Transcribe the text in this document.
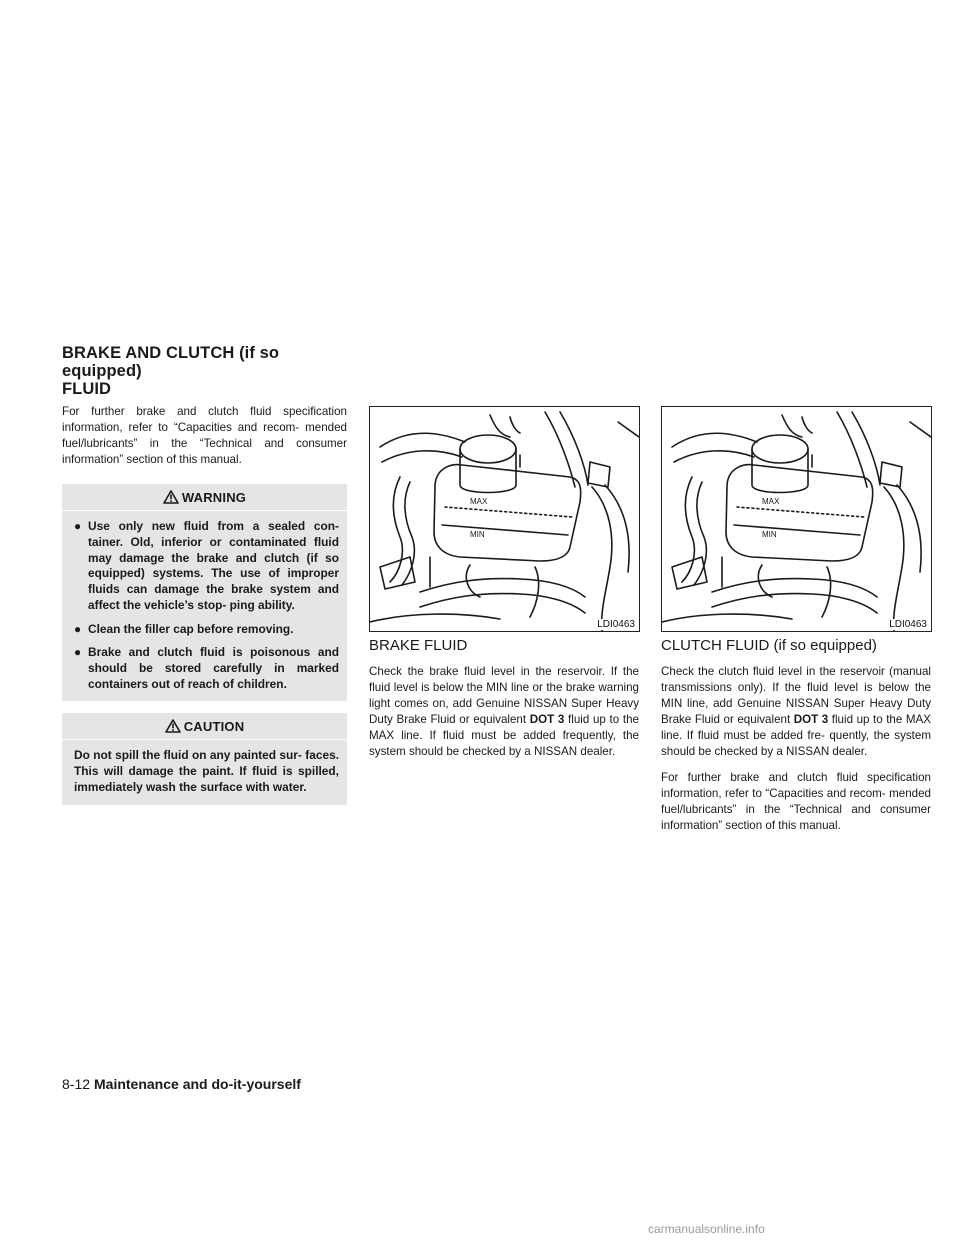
BRAKE AND CLUTCH (if so equipped)
FLUID

For further brake and clutch fluid specification information, refer to “Capacities and recom- mended fuel/lubricants” in the “Technical and consumer information” section of this manual.

WARNING
● Use only new fluid from a sealed con- tainer. Old, inferior or contaminated fluid may damage the brake and clutch (if so equipped) systems. The use of improper fluids can damage the brake system and affect the vehicle’s stop- ping ability.
● Clean the filler cap before removing.
● Brake and clutch fluid is poisonous and should be stored carefully in marked containers out of reach of children.
CAUTION
Do not spill the fluid on any painted sur- faces. This will damage the paint. If fluid is spilled, immediately wash the surface with water.
MAX
MIN
LDI0463
MAX
MIN
LDI0463
BRAKE FLUID

Check the brake fluid level in the reservoir. If the fluid level is below the MIN line or the brake warning light comes on, add Genuine NISSAN Super Heavy Duty Brake Fluid or equivalent DOT 3 fluid up to the MAX line. If fluid must be added frequently, the system should be checked by a NISSAN dealer.

CLUTCH FLUID (if so equipped)

Check the clutch fluid level in the reservoir (manual transmissions only). If the fluid level is below the MIN line, add Genuine NISSAN Super Heavy Duty Brake Fluid or equivalent DOT 3 fluid up to the MAX line. If fluid must be added fre- quently, the system should be checked by a NISSAN dealer.

For further brake and clutch fluid specification information, refer to “Capacities and recom- mended fuel/lubricants” in the “Technical and consumer information” section of this manual.

8-12 Maintenance and do-it-yourself
carmanualsonline.info
